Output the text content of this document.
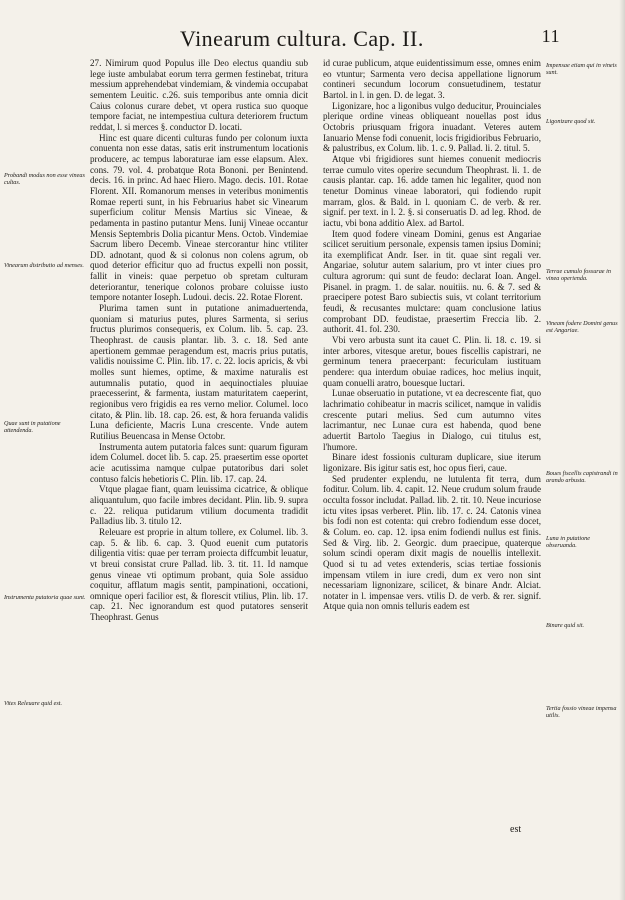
Vinearum cultura. Cap. II.	11

27. Nimirum quod Populus ille Deo electus quandiu sub lege iuste ambulabat eorum terra germen festinebat, tritura messium apprehendebat vindemiam, & vindemia occupabat sementem Leuitic. c.26. suis temporibus ante omnia dicit Caius colonus curare debet, vt opera rustica suo quoque tempore faciat, ne intempestiua cultura deteriorem fructum reddat, l. si merces §. conductor D. locati.

Hinc est quare dicenti culturas fundo per colonum iuxta conuenta non esse datas, satis erit instrumentum locationis producere, ac tempus laboraturae iam esse elapsum. Alex. cons. 79. vol. 4. probatque Rota Bononi. per Benintend. decis. 16. in princ. Ad haec Hiero. Mago. decis. 101. Rotae Florent. XII. Romanorum menses in veteribus monimentis Romae reperti sunt, in his Februarius habet sic Vinearum superficium colitur Mensis Martius sic Vineae, & pedamenta in pastino putantur Mens. Iunij Vineae occantur Mensis Septembris Dolia picantur Mens. Octob. Vindemiae Sacrum libero Decemb. Vineae stercorantur hinc vtiliter DD. adnotant, quod & si colonus non colens agrum, ob quod deterior efficitur quo ad fructus expelli non possit, fallit in vineis: quae perpetuo ob spretam culturam deteriorantur, tenerique colonos probare coluisse iusto tempore notanter Ioseph. Ludoui. decis. 22. Rotae Florent.

Plurima tamen sunt in putatione animaduertenda, quoniam si maturius putes, plures Sarmenta, si serius fructus plurimos consequeris, ex Colum. lib. 5. cap. 23. Theophrast. de causis plantar. lib. 3. c. 18. Sed ante apertionem gemmae peragendum est, macris prius putatis, validis nouissime C. Plin. lib. 17. c. 22. locis apricis, & vbi molles sunt hiemes, optime, & maxime naturalis est autumnalis putatio, quod in aequinoctiales pluuiae praecesserint, & farmenta, iustam maturitatem caeperint, regionibus vero frigidis ea res verno melior. Columel. loco citato, & Plin. lib. 18. cap. 26. est, & hora feruanda validis Luna deficiente, Macris Luna crescente. Vnde autem Rutilius Beuencasa in Mense Octobr.

Instrumenta autem putatoria falces sunt: quarum figuram idem Columel. docet lib. 5. cap. 25. praesertim esse oportet acie acutissima namque culpae putatoribus dari solet contuso falcis hebetioris C. Plin. lib. 17. cap. 24.

Vtque plagae fiant, quam leuissima cicatrice, & oblique aliquantulum, quo facile imbres decidant. Plin. lib. 9. supra c. 22. reliqua putidarum vtilium documenta tradidit Palladius lib. 3. titulo 12.

Releuare est proprie in altum tollere, ex Columel. lib. 3. cap. 5. & lib. 6. cap. 3. Quod euenit cum putatoris diligentia vitis: quae per terram proiecta diffcumbit leuatur, vt breui consistat crure Pallad. lib. 3. tit. 11. Id namque genus vineae vti optimum probant, quia Sole assiduo coquitur, afflatum magis sentit, pampinationi, occationi, omnique operi facilior est, & florescit vtilius, Plin. lib. 17. cap. 21. Nec ignorandum est quod putatores senserit Theophrast. Genus

id curae publicum, atque euidentissimum esse, omnes enim eo vtuntur; Sarmenta vero decisa appellatione lignorum contineri secundum locorum consuetudinem, testatur Bartol. in l. in gen. D. de legat. 3.

Ligonizare, hoc a ligonibus vulgo deducitur, Prouinciales plerique ordine vineas obliqueant nouellas post idus Octobris priusquam frigora inuadant. Veteres autem Ianuario Mense fodi conuenit, locis frigidioribus Februario, & palustribus, ex Colum. lib. 1. c. 9. Pallad. li. 2. titul. 5.

Atque vbi frigidiores sunt hiemes conuenit mediocris terrae cumulo vites operire secundum Theophrast. li. 1. de causis plantar. cap. 16. adde tamen hic legaliter, quod non tenetur Dominus vineae laboratori, qui fodiendo rupit marram, glos. & Bald. in l. quoniam C. de verb. & rer. signif. per text. in l. 2. §. si conseruatis D. ad leg. Rhod. de iactu, vbi bona additio Alex. ad Bartol.

Item quod fodere vineam Domini, genus est Angariae scilicet seruitium personale, expensis tamen ipsius Domini; ita exemplificat Andr. Iser. in tit. quae sint regali ver. Angariae, solutur autem salarium, pro vt inter ciues pro cultura agrorum: qui sunt de feudo: declarat Ioan. Angel. Pisanel. in pragm. 1. de salar. nouitiis. nu. 6. & 7. sed & praecipere potest Baro subiectis suis, vt colant territorium feudi, & recusantes mulctare: quam conclusione latius comprobant DD. feudistae, praesertim Freccia lib. 2. authorit. 41. fol. 230.

Vbi vero arbusta sunt ita cauet C. Plin. li. 18. c. 19. si inter arbores, vitesque aretur, boues fiscellis capistrari, ne germinum tenera praecerpant: fecuriculam iustituam pendere: qua interdum obuiae radices, hoc melius inquit, quam conuelli aratro, bouesque luctari.

Lunae obseruatio in putatione, vt ea decrescente fiat, quo lachrimatio cohibeatur in macris scilicet, namque in validis crescente putari melius. Sed cum autumno vites lacrimantur, nec Lunae cura est habenda, quod bene aduertit Bartolo Taegius in Dialogo, cui titulus est, l'humore.

Binare idest fossionis culturam duplicare, siue iterum ligonizare. Bis igitur satis est, hoc opus fieri, caue.

Sed prudenter explendu, ne lutulenta fit terra, dum foditur. Colum. lib. 4. capit. 12. Neue crudum solum fraude occulta fossor includat. Pallad. lib. 2. tit. 10. Neue incuriose ictu vites ipsas verberet. Plin. lib. 17. c. 24. Catonis vinea bis fodi non est cotenta: qui crebro fodiendum esse docet, & Colum. eo. cap. 12. ipsa enim fodiendi nullus est finis. Sed & Virg. lib. 2. Georgic. dum praecipue, quaterque solum scindi operam dixit magis de nouellis intellexit. Quod si tu ad vetes extenderis, scias tertiae fossionis impensam vtilem in iure credi, dum ex vero non sint necessariam lignonizare, scilicet, & binare Andr. Alciat. notater in l. impensae vers. vtilis D. de verb. & rer. signif. Atque quia non omnis telluris eadem est

Probandi modus non esse vineas cultas.
Vinearum distributio ad menses.
Quae sunt in putatione attendenda.
Instrumenta putatoria quae sunt.
Vites Releuare quid est.
Impensae etiam qui in vineis sunt.
Ligonizare quod sit.
Terrae cumulo fossurae in vinea operienda.
Vineam fodere Domini genus est Angariae.
Boues fiscellis capistrandi in arando arbusta.
Luna in putatione obseruanda.
Binare quid sit.
Tertia fossio vineae impensa utilis.
est
